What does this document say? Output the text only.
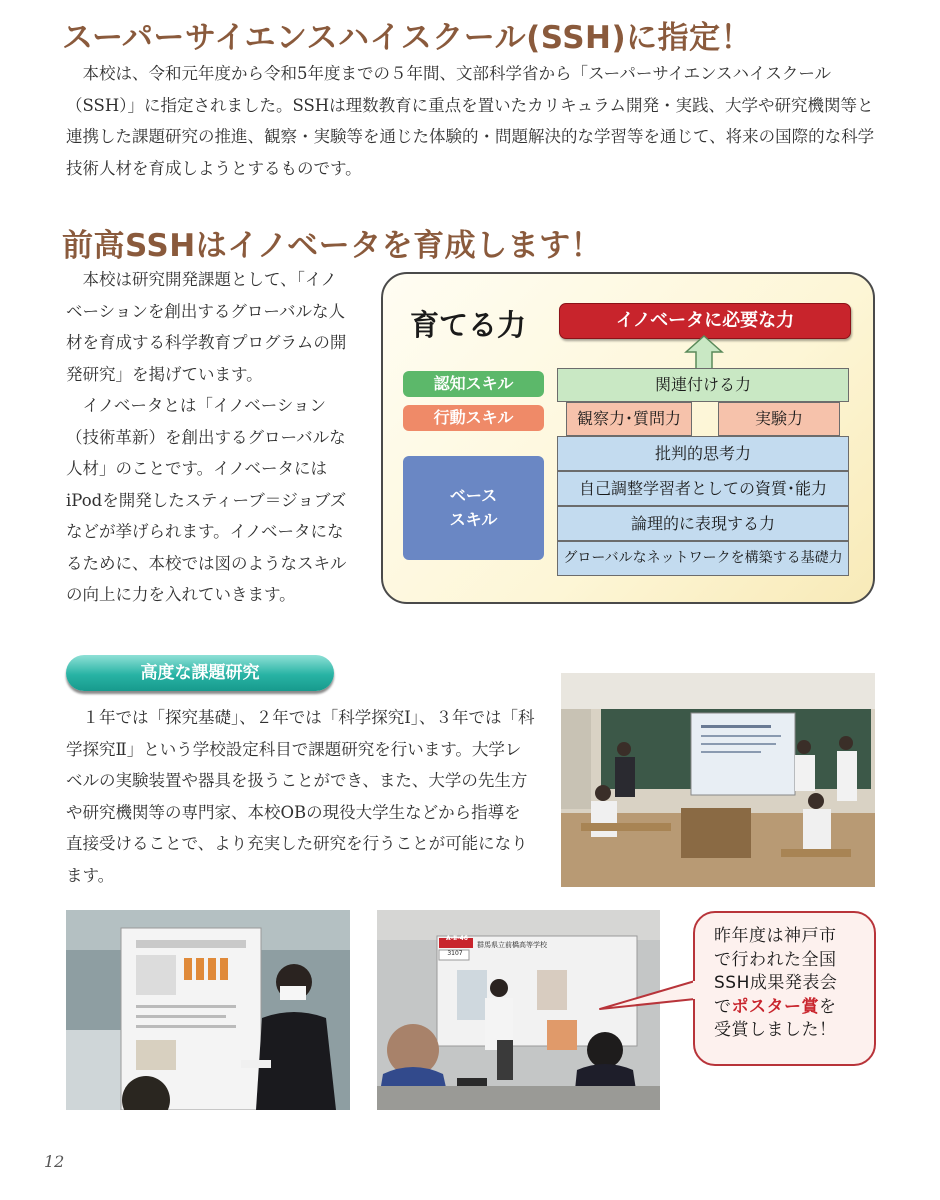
スーパーサイエンスハイスクール(SSH)に指定！

本校は、令和元年度から令和5年度までの５年間、文部科学省から「スーパーサイエンスハイスクール（SSH）」に指定されました。SSHは理数教育に重点を置いたカリキュラム開発・実践、大学や研究機関等と連携した課題研究の推進、観察・実験等を通じた体験的・問題解決的な学習等を通じて、将来の国際的な科学技術人材を育成しようとするものです。

前高SSHはイノベータを育成します！

本校は研究開発課題として、「イノベーションを創出するグローバルな人材を育成する科学教育プログラムの開発研究」を掲げています。

イノベータとは「イノベーション（技術革新）を創出するグローバルな人材」のことです。イノベータにはiPodを開発したスティーブ＝ジョブズなどが挙げられます。イノベータになるために、本校では図のようなスキルの向上に力を入れていきます。

育てる力	イノベータに必要な力
認知スキル
行動スキル
ベース
スキル
関連付ける力
観察力･質問力	実験力
批判的思考力
自己調整学習者としての資質･能力
論理的に表現する力
グローバルなネットワークを構築する基礎力
高度な課題研究

１年では「探究基礎」、２年では「科学探究Ⅰ」、３年では「科学探究Ⅱ」という学校設定科目で課題研究を行います。大学レベルの実験装置や器具を扱うことができ、また、大学の先生方や研究機関等の専門家、本校OBの現役大学生などから指導を直接受けることで、より充実した研究を行うことが可能になります。

A-Ⅱ-46
3107
群馬県立前橋高等学校	昨年度は神戸市
で行われた全国
SSH成果発表会
でポスター賞を
受賞しました！
12
